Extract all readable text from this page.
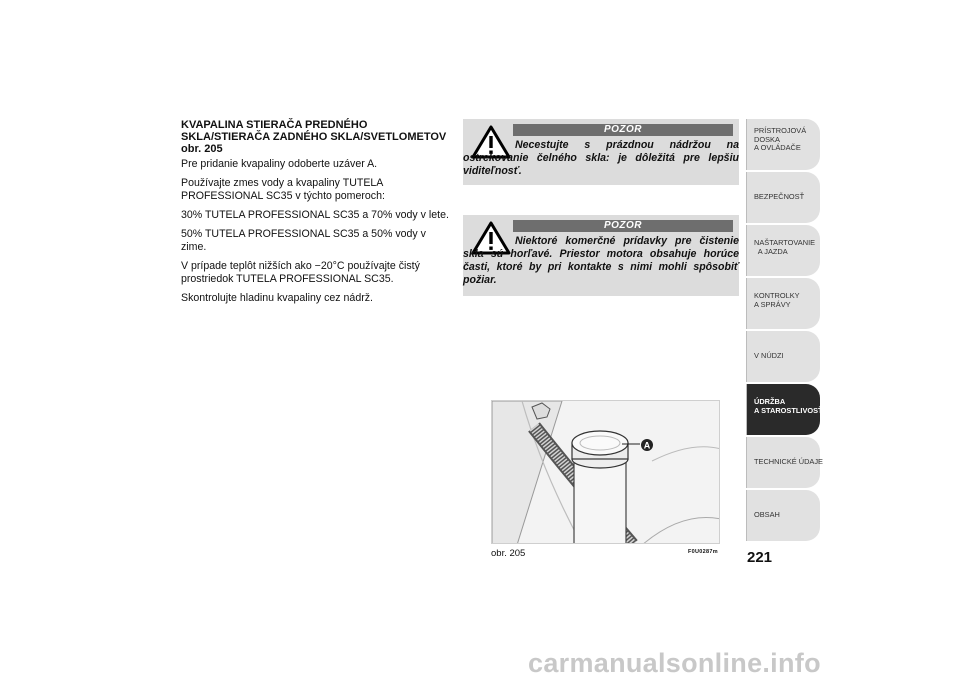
KVAPALINA STIERAČA PREDNÉHO SKLA/STIERAČA ZADNÉHO SKLA/SVETLOMETOV obr. 205

Pre pridanie kvapaliny odoberte uzáver A.

Používajte zmes vody a kvapaliny TUTELA PROFESSIONAL SC35 v týchto pomeroch:

30% TUTELA PROFESSIONAL SC35 a 70% vody v lete.

50% TUTELA PROFESSIONAL SC35 a 50% vody v zime.

V prípade teplôt nižších ako −20°C používajte čistý prostriedok TUTELA PROFESSIONAL SC35.

Skontrolujte hladinu kvapaliny cez nádrž.

POZOR
Necestujte s prázdnou nádržou na ostrekovanie čelného skla: je dôležitá pre lepšiu viditeľnosť.
POZOR
Niektoré komerčné prídavky pre čistenie skla sú horľavé. Priestor motora obsahuje horúce časti, ktoré by pri kontakte s nimi mohli spôsobiť požiar.
A
obr. 205	F0U0287m
PRÍSTROJOVÁ
DOSKA
A OVLÁDAČE
BEZPEČNOSŤ
NAŠTARTOVANIE
A JAZDA
KONTROLKY
A SPRÁVY
V NÚDZI
ÚDRŽBA
A STAROSTLIVOSŤ
TECHNICKÉ ÚDAJE
OBSAH
221
carmanualsonline.info
